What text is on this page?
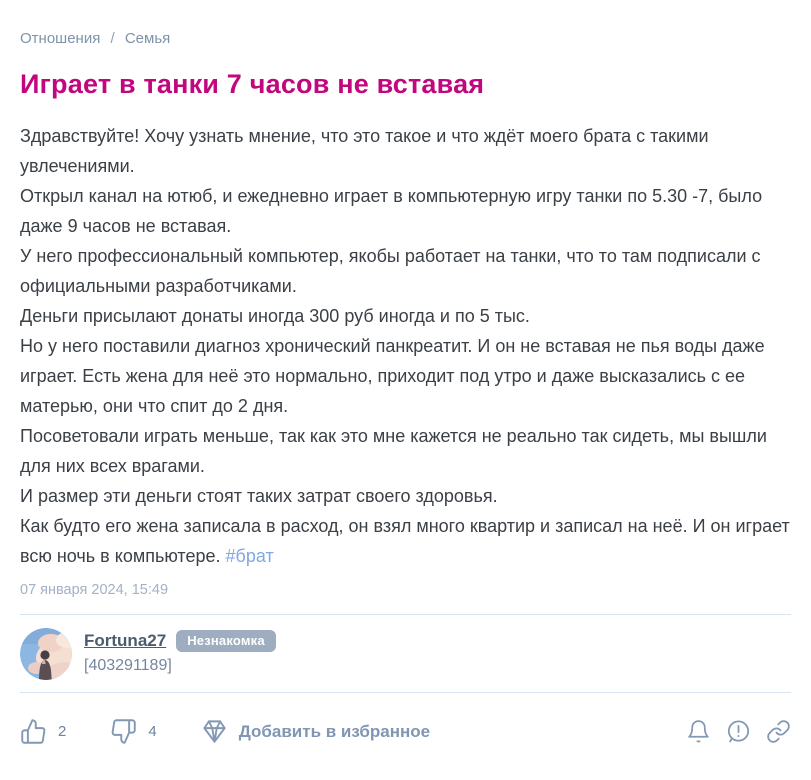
Отношения / Семья
Играет в танки 7 часов не вставая

Здравствуйте! Хочу узнать мнение, что это такое и что ждёт моего брата с такими увлечениями.

Открыл канал на ютюб, и ежедневно играет в компьютерную игру танки по 5.30 -7, было даже 9 часов не вставая.

У него профессиональный компьютер, якобы работает на танки, что то там подписали с официальными разработчиками.

Деньги присылают донаты иногда 300 руб иногда и по 5 тыс.

Но у него поставили диагноз хронический панкреатит. И он не вставая не пья воды даже играет. Есть жена для неё это нормально, приходит под утро и даже высказались с ее матерью, они что спит до 2 дня.

Посоветовали играть меньше, так как это мне кажется не реально так сидеть, мы вышли для них всех врагами.

И размер эти деньги стоят таких затрат своего здоровья.

Как будто его жена записала в расход, он взял много квартир и записал на неё. И он играет всю ночь в компьютере. #брат

07 января 2024, 15:49
Fortuna27	Незнакомка
[403291189]
2	4	Добавить в избранное
